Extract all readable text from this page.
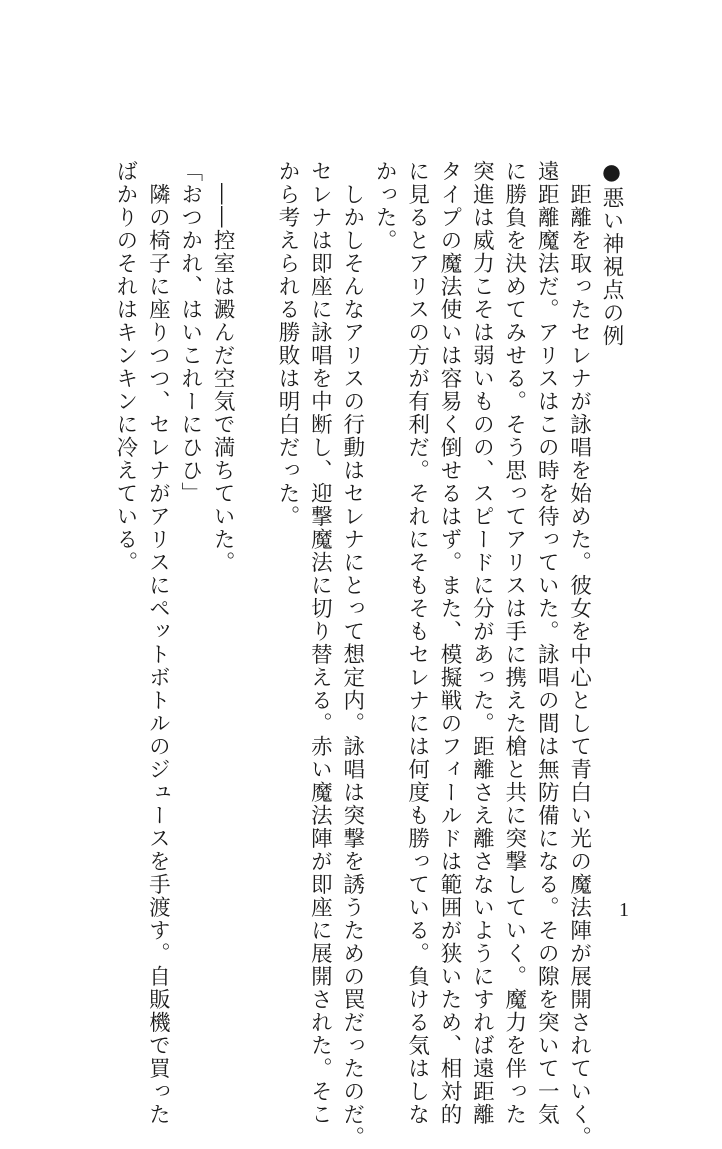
●悪い神視点の例
　距離を取ったセレナが詠唱を始めた。彼女を中心として青白い光の魔法陣が展開されていく。
遠距離魔法だ。アリスはこの時を待っていた。詠唱の間は無防備になる。その隙を突いて一気
に勝負を決めてみせる。そう思ってアリスは手に携えた槍と共に突撃していく。魔力を伴った
突進は威力こそは弱いものの、スピードに分があった。距離さえ離さないようにすれば遠距離
タイプの魔法使いは容易く倒せるはず。また、模擬戦のフィールドは範囲が狭いため、相対的
に見るとアリスの方が有利だ。それにそもそもセレナには何度も勝っている。負ける気はしな
かった。
　しかしそんなアリスの行動はセレナにとって想定内。詠唱は突撃を誘うための罠だったのだ。
セレナは即座に詠唱を中断し、迎撃魔法に切り替える。赤い魔法陣が即座に展開された。そこ
から考えられる勝敗は明白だった。
　――控室は澱んだ空気で満ちていた。
「おつかれ、はいこれーにひひ」
　隣の椅子に座りつつ、セレナがアリスにペットボトルのジュースを手渡す。自販機で買った
ばかりのそれはキンキンに冷えている。
1
